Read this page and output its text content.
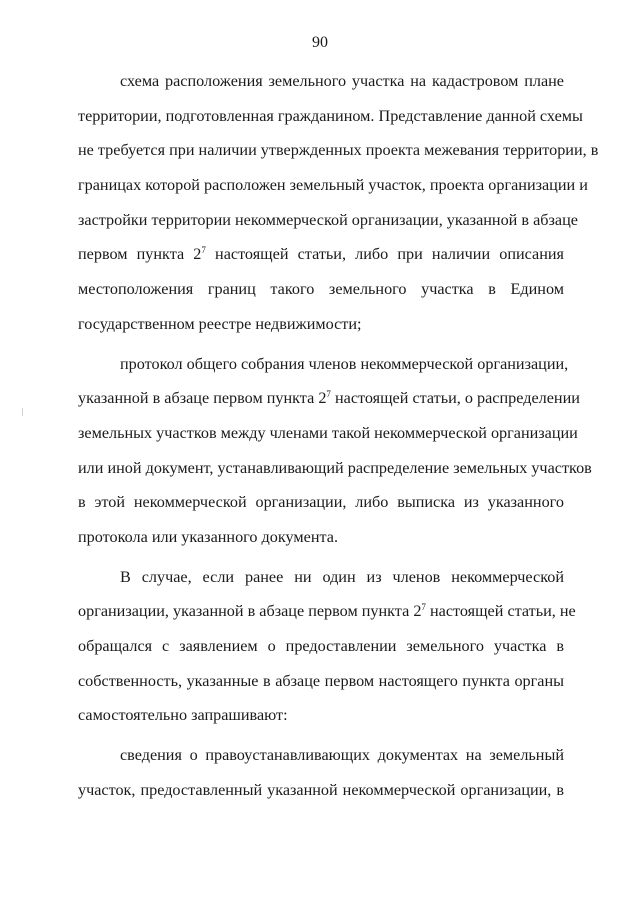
90
схема расположения земельного участка на кадастровом плане
территории, подготовленная гражданином. Представление данной схемы
не требуется при наличии утвержденных проекта межевания территории, в
границах которой расположен земельный участок, проекта организации и
застройки территории некоммерческой организации, указанной в абзаце
первом пункта $2^7$ настоящей статьи, либо при наличии описания
местоположения границ такого земельного участка в Едином
государственном реестре недвижимости;
протокол общего собрания членов некоммерческой организации,
указанной в абзаце первом пункта $2^7$ настоящей статьи, о распределении
земельных участков между членами такой некоммерческой организации
или иной документ, устанавливающий распределение земельных участков
в этой некоммерческой организации, либо выписка из указанного
протокола или указанного документа.
В случае, если ранее ни один из членов некоммерческой
организации, указанной в абзаце первом пункта $2^7$ настоящей статьи, не
обращался с заявлением о предоставлении земельного участка в
собственность, указанные в абзаце первом настоящего пункта органы
самостоятельно запрашивают:
сведения о правоустанавливающих документах на земельный
участок, предоставленный указанной некоммерческой организации, в
